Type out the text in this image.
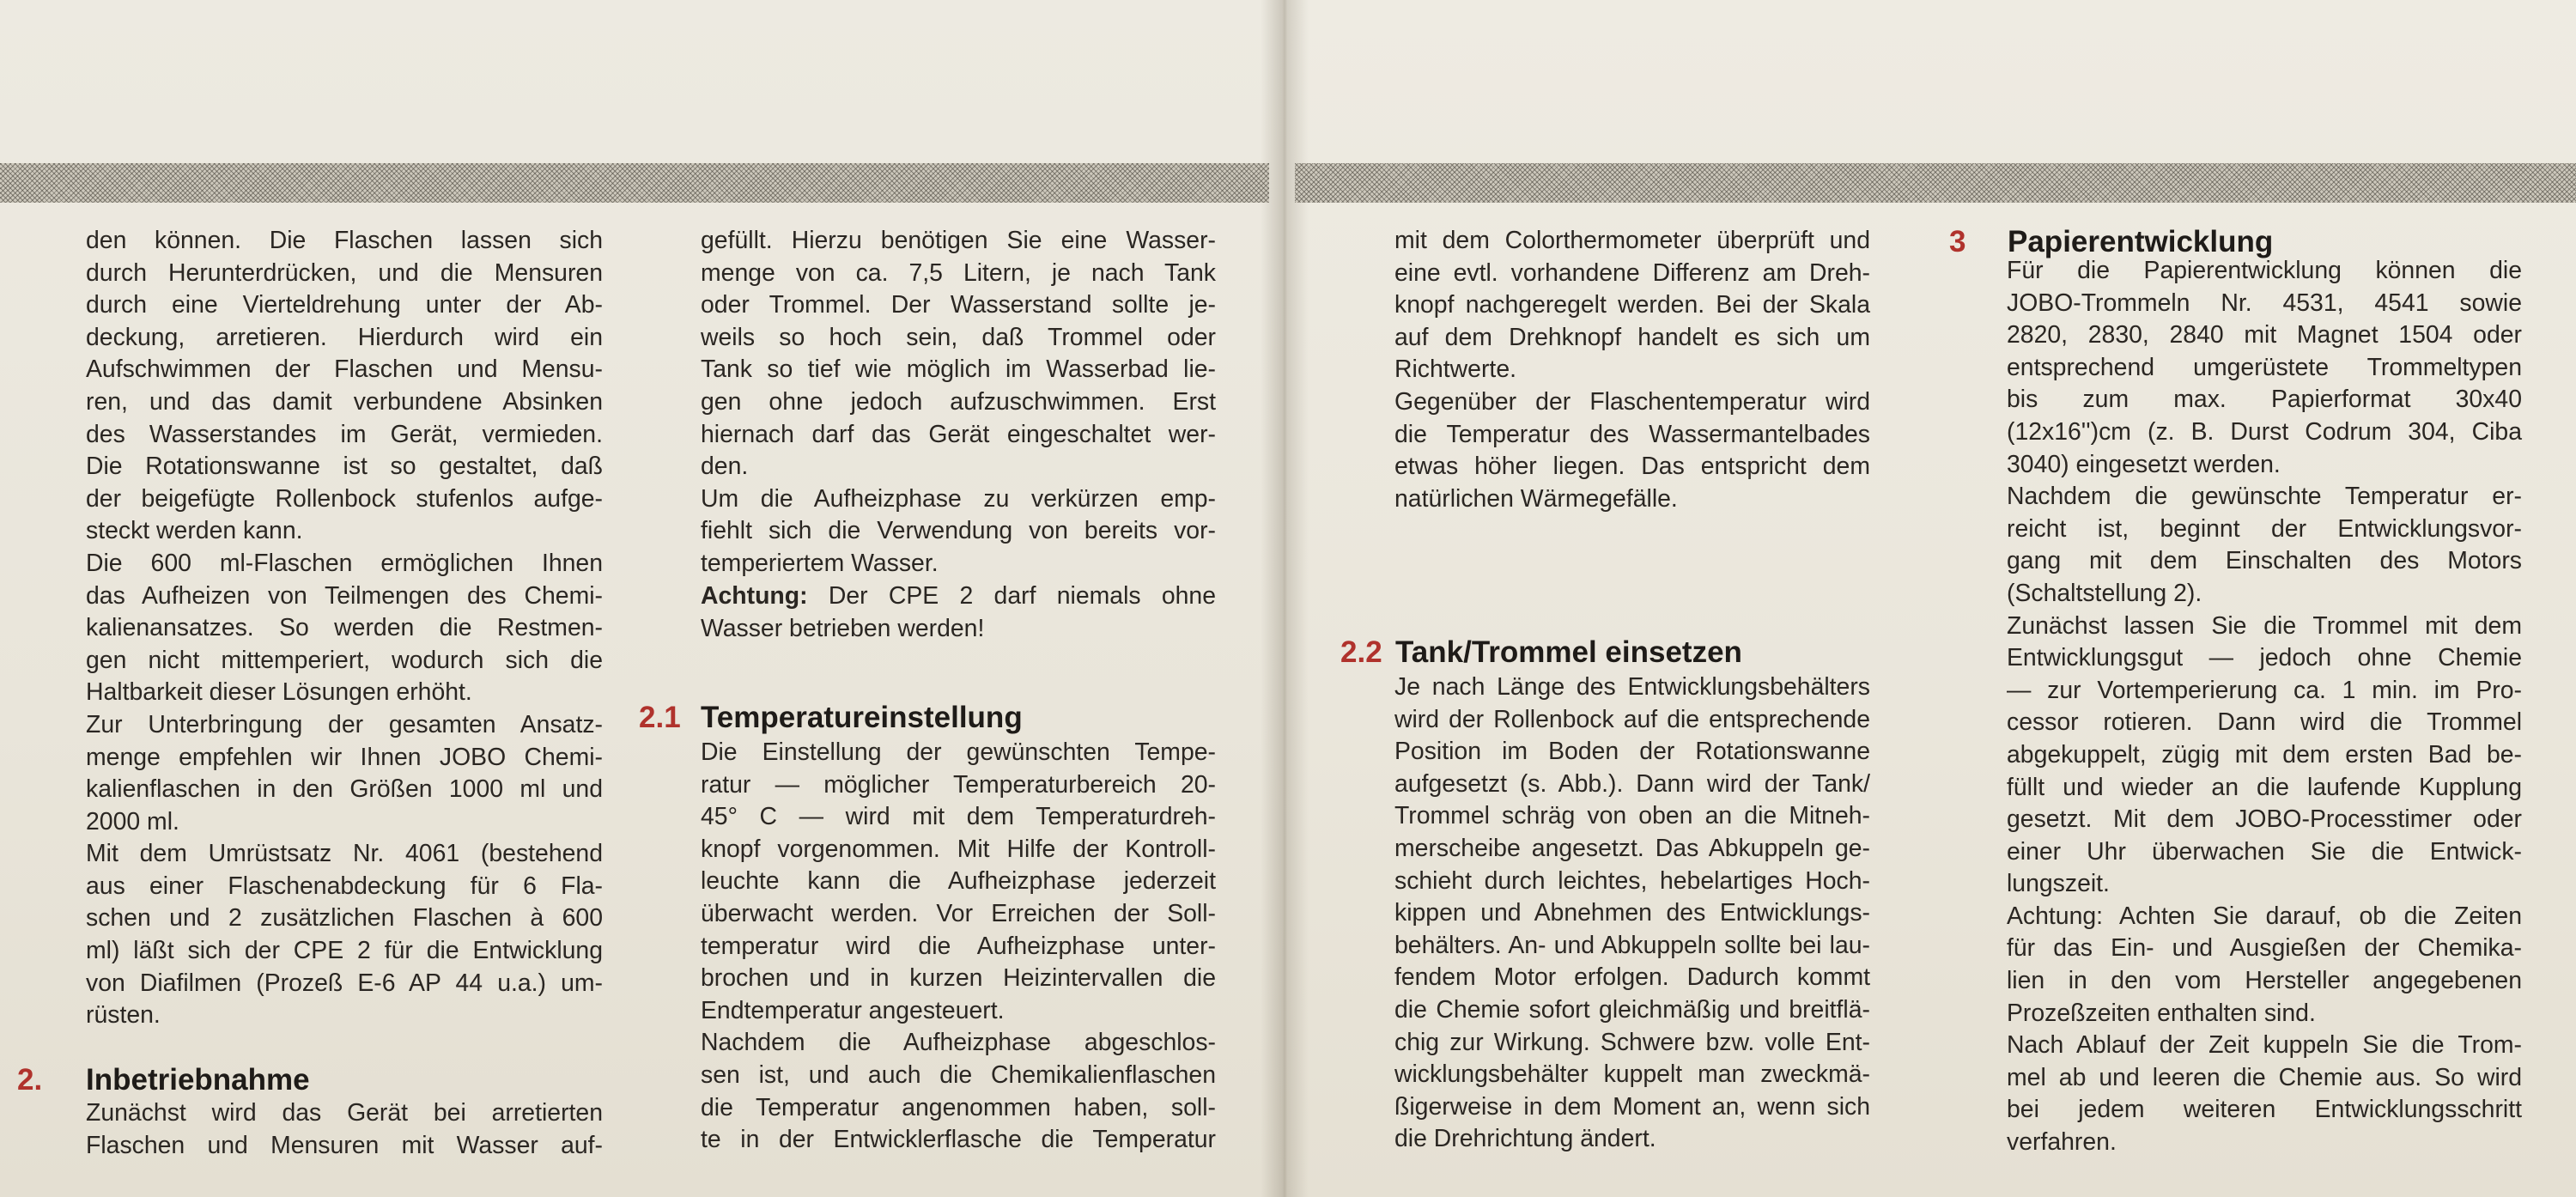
den können. Die Flaschen lassen sich
durch Herunterdrücken, und die Mensuren
durch eine Vierteldrehung unter der Ab-
deckung, arretieren. Hierdurch wird ein
Aufschwimmen der Flaschen und Mensu-
ren, und das damit verbundene Absinken
des Wasserstandes im Gerät, vermieden.
Die Rotationswanne ist so gestaltet, daß
der beigefügte Rollenbock stufenlos aufge-
steckt werden kann.
Die 600 ml-Flaschen ermöglichen Ihnen
das Aufheizen von Teilmengen des Chemi-
kalienansatzes. So werden die Restmen-
gen nicht mittemperiert, wodurch sich die
Haltbarkeit dieser Lösungen erhöht.
Zur Unterbringung der gesamten Ansatz-
menge empfehlen wir Ihnen JOBO Chemi-
kalienflaschen in den Größen 1000 ml und
2000 ml.
Mit dem Umrüstsatz Nr. 4061 (bestehend
aus einer Flaschenabdeckung für 6 Fla-
schen und 2 zusätzlichen Flaschen à 600
ml) läßt sich der CPE 2 für die Entwicklung
von Diafilmen (Prozeß E-6 AP 44 u.a.) um-
rüsten.
2. Inbetriebnahme
Zunächst wird das Gerät bei arretierten
Flaschen und Mensuren mit Wasser auf-
gefüllt. Hierzu benötigen Sie eine Wasser-
menge von ca. 7,5 Litern, je nach Tank
oder Trommel. Der Wasserstand sollte je-
weils so hoch sein, daß Trommel oder
Tank so tief wie möglich im Wasserbad lie-
gen ohne jedoch aufzuschwimmen. Erst
hiernach darf das Gerät eingeschaltet wer-
den.
Um die Aufheizphase zu verkürzen emp-
fiehlt sich die Verwendung von bereits vor-
temperiertem Wasser.
Achtung: Der CPE 2 darf niemals ohne
Wasser betrieben werden!
2.1 Temperatureinstellung
Die Einstellung der gewünschten Tempe-
ratur — möglicher Temperaturbereich 20-
45° C — wird mit dem Temperaturdreh-
knopf vorgenommen. Mit Hilfe der Kontroll-
leuchte kann die Aufheizphase jederzeit
überwacht werden. Vor Erreichen der Soll-
temperatur wird die Aufheizphase unter-
brochen und in kurzen Heizintervallen die
Endtemperatur angesteuert.
Nachdem die Aufheizphase abgeschlos-
sen ist, und auch die Chemikalienflaschen
die Temperatur angenommen haben, soll-
te in der Entwicklerflasche die Temperatur
mit dem Colorthermometer überprüft und
eine evtl. vorhandene Differenz am Dreh-
knopf nachgeregelt werden. Bei der Skala
auf dem Drehknopf handelt es sich um
Richtwerte.
Gegenüber der Flaschentemperatur wird
die Temperatur des Wassermantelbades
etwas höher liegen. Das entspricht dem
natürlichen Wärmegefälle.
2.2 Tank/Trommel einsetzen
Je nach Länge des Entwicklungsbehälters
wird der Rollenbock auf die entsprechende
Position im Boden der Rotationswanne
aufgesetzt (s. Abb.). Dann wird der Tank/
Trommel schräg von oben an die Mitneh-
merscheibe angesetzt. Das Abkuppeln ge-
schieht durch leichtes, hebelartiges Hoch-
kippen und Abnehmen des Entwicklungs-
behälters. An- und Abkuppeln sollte bei lau-
fendem Motor erfolgen. Dadurch kommt
die Chemie sofort gleichmäßig und breitflä-
chig zur Wirkung. Schwere bzw. volle Ent-
wicklungsbehälter kuppelt man zweckmä-
ßigerweise in dem Moment an, wenn sich
die Drehrichtung ändert.
3 Papierentwicklung
Für die Papierentwicklung können die
JOBO-Trommeln Nr. 4531, 4541 sowie
2820, 2830, 2840 mit Magnet 1504 oder
entsprechend umgerüstete Trommeltypen
bis zum max. Papierformat 30x40
(12x16'')cm (z. B. Durst Codrum 304, Ciba
3040) eingesetzt werden.
Nachdem die gewünschte Temperatur er-
reicht ist, beginnt der Entwicklungsvor-
gang mit dem Einschalten des Motors
(Schaltstellung 2).
Zunächst lassen Sie die Trommel mit dem
Entwicklungsgut — jedoch ohne Chemie
— zur Vortemperierung ca. 1 min. im Pro-
cessor rotieren. Dann wird die Trommel
abgekuppelt, zügig mit dem ersten Bad be-
füllt und wieder an die laufende Kupplung
gesetzt. Mit dem JOBO-Processtimer oder
einer Uhr überwachen Sie die Entwick-
lungszeit.
Achtung: Achten Sie darauf, ob die Zeiten
für das Ein- und Ausgießen der Chemika-
lien in den vom Hersteller angegebenen
Prozeßzeiten enthalten sind.
Nach Ablauf der Zeit kuppeln Sie die Trom-
mel ab und leeren die Chemie aus. So wird
bei jedem weiteren Entwicklungsschritt
verfahren.
